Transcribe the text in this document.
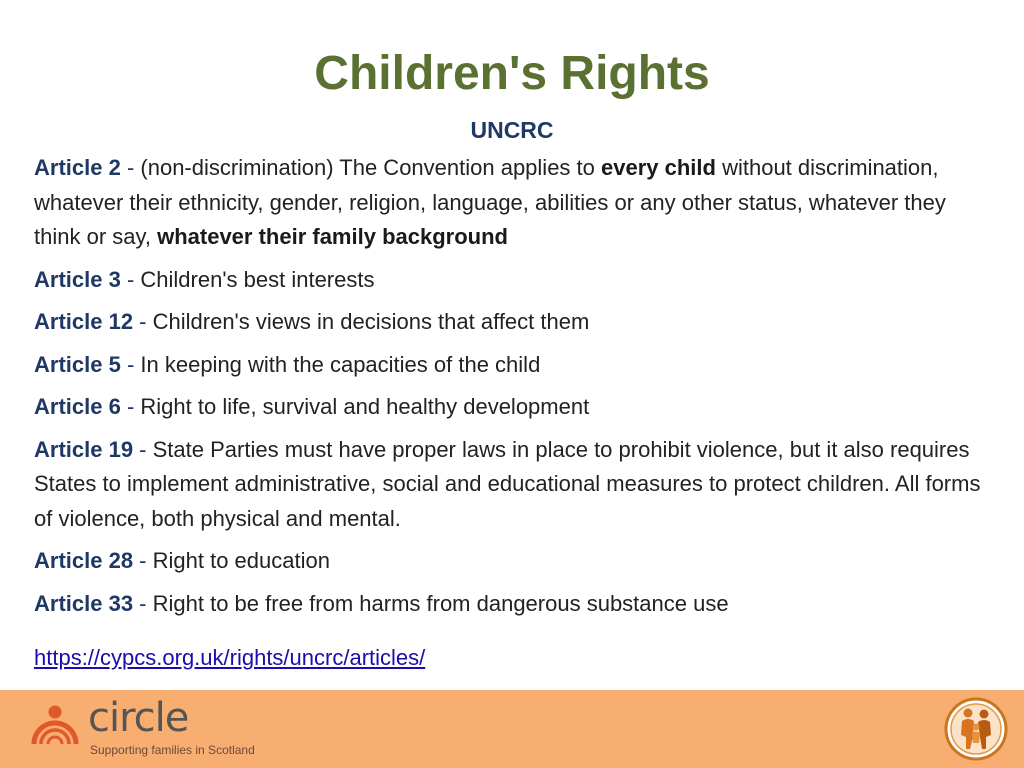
Children's Rights
UNCRC
Article 2 - (non-discrimination) The Convention applies to every child without discrimination, whatever their ethnicity, gender, religion, language, abilities or any other status, whatever they think or say, whatever their family background
Article 3 - Children's best interests
Article 12 - Children's views in decisions that affect them
Article 5 - In keeping with the capacities of the child
Article 6 - Right to life, survival and healthy development
Article 19 - State Parties must have proper laws in place to prohibit violence, but it also requires States to implement administrative, social and educational measures to protect children. All forms of violence, both physical and mental.
Article 28 - Right to education
Article 33 - Right to be free from harms from dangerous substance use
https://cypcs.org.uk/rights/uncrc/articles/
circle
Supporting families in Scotland
